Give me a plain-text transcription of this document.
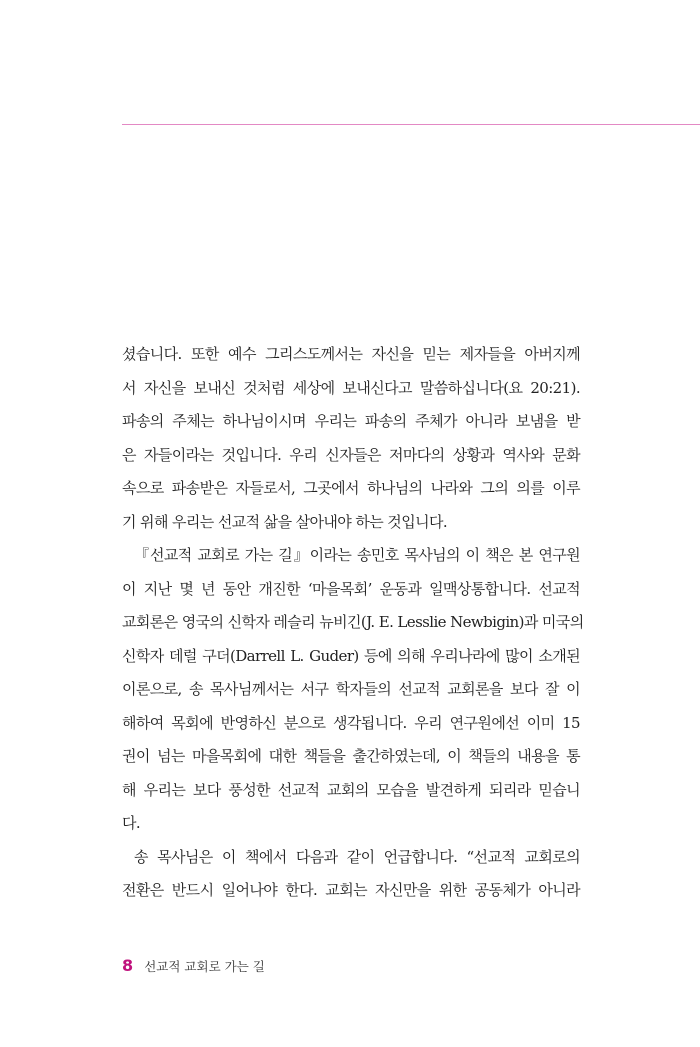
셨습니다. 또한 예수 그리스도께서는 자신을 믿는 제자들을 아버지께
서 자신을 보내신 것처럼 세상에 보내신다고 말씀하십니다(요 20:21).
파송의 주체는 하나님이시며 우리는 파송의 주체가 아니라 보냄을 받
은 자들이라는 것입니다. 우리 신자들은 저마다의 상황과 역사와 문화
속으로 파송받은 자들로서, 그곳에서 하나님의 나라와 그의 의를 이루
기 위해 우리는 선교적 삶을 살아내야 하는 것입니다.
『선교적 교회로 가는 길』이라는 송민호 목사님의 이 책은 본 연구원
이 지난 몇 년 동안 개진한 ‘마을목회’ 운동과 일맥상통합니다. 선교적
교회론은 영국의 신학자 레슬리 뉴비긴(J. E. Lesslie Newbigin)과 미국의
신학자 데럴 구더(Darrell L. Guder) 등에 의해 우리나라에 많이 소개된
이론으로, 송 목사님께서는 서구 학자들의 선교적 교회론을 보다 잘 이
해하여 목회에 반영하신 분으로 생각됩니다. 우리 연구원에선 이미 15
권이 넘는 마을목회에 대한 책들을 출간하였는데, 이 책들의 내용을 통
해 우리는 보다 풍성한 선교적 교회의 모습을 발견하게 되리라 믿습니
다.
송 목사님은 이 책에서 다음과 같이 언급합니다. “선교적 교회로의
전환은 반드시 일어나야 한다. 교회는 자신만을 위한 공동체가 아니라
8 선교적 교회로 가는 길
